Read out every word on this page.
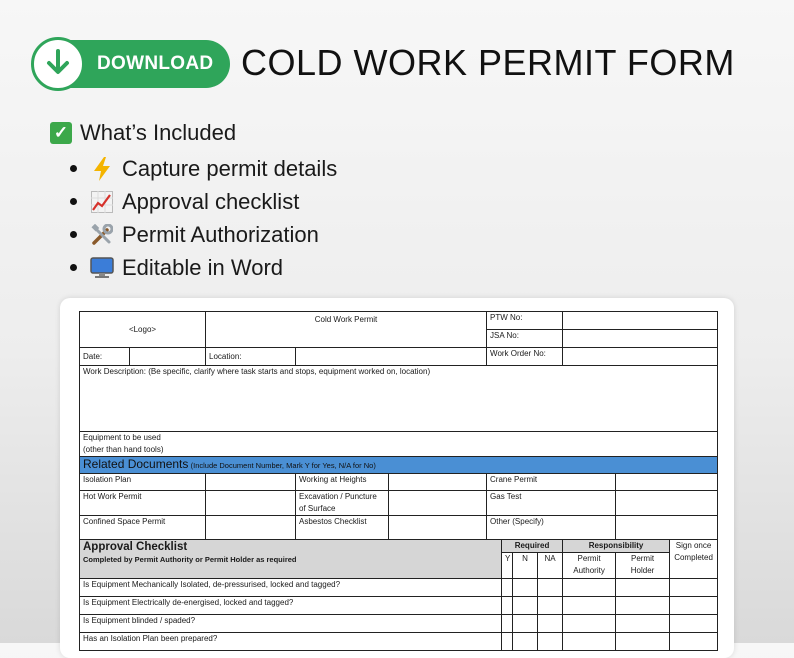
DOWNLOAD COLD WORK PERMIT FORM
✓ What’s Included
Capture permit details
Approval checklist
Permit Authorization
Editable in Word
<Logo>		Cold Work Permit			PTW No:						
					JSA No:						
Date:		Location:			Work Order No:						
Work Description: (Be specific, clarify where task starts and stops, equipment worked on, location)											

Equipment to be used
(other than hand tools)											

Related Documents (Include Document Number, Mark Y for Yes, N/A for No)											
Isolation Plan			Working at Heights		Crane Permit						
Hot Work Permit			Excavation / Puncture of Surface		Gas Test						
Confined Space Permit			Asbestos Checklist		Other (Specify)						

Approval Checklist
Completed by Permit Authority or Permit Holder as required						Required			Responsibility		Sign once Completed
						Y	N	NA	Permit Authority	Permit Holder	
Is Equipment Mechanically Isolated, de-pressurised, locked and tagged?											
Is Equipment Electrically de-energised, locked and tagged?											
Is Equipment blinded / spaded?											
Has an Isolation Plan been prepared?											
